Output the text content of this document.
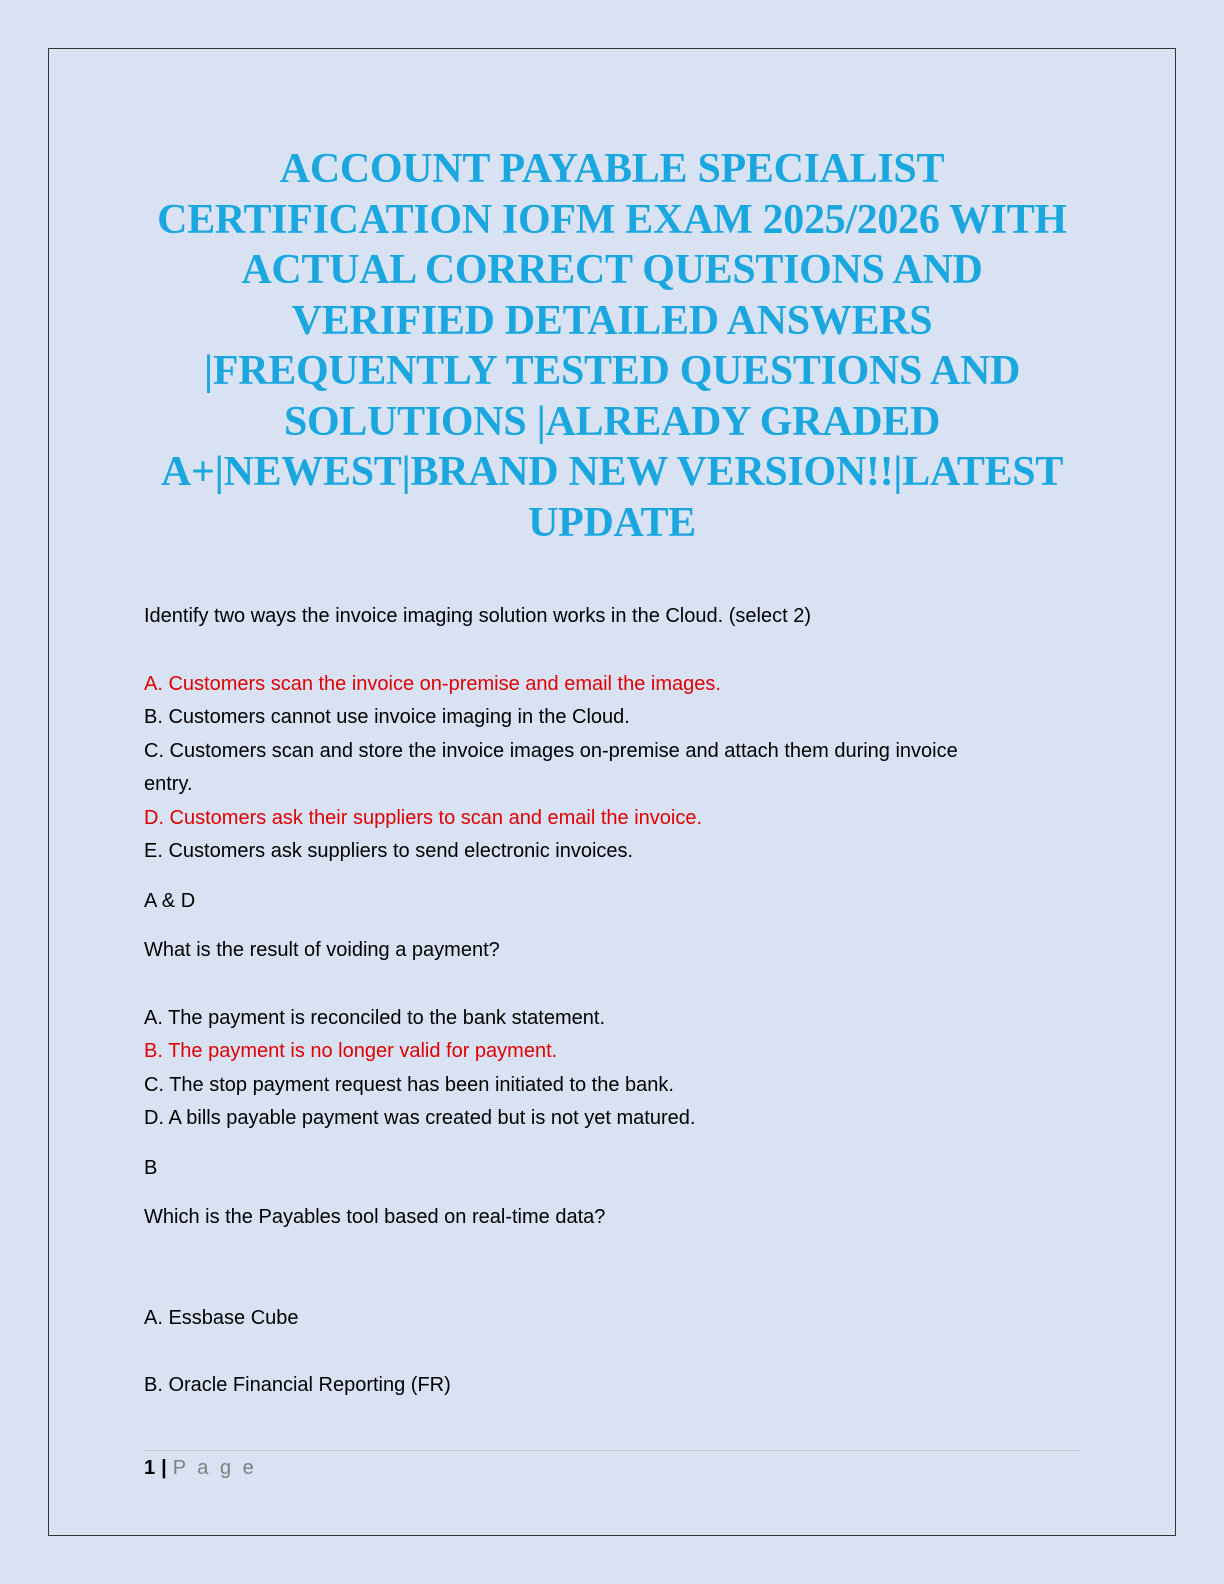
ACCOUNT PAYABLE SPECIALIST CERTIFICATION IOFM EXAM 2025/2026 WITH ACTUAL CORRECT QUESTIONS AND VERIFIED DETAILED ANSWERS |FREQUENTLY TESTED QUESTIONS AND SOLUTIONS |ALREADY GRADED A+|NEWEST|BRAND NEW VERSION!!|LATEST UPDATE

Identify two ways the invoice imaging solution works in the Cloud. (select 2)

A. Customers scan the invoice on-premise and email the images.

B. Customers cannot use invoice imaging in the Cloud.

C. Customers scan and store the invoice images on-premise and attach them during invoice

entry.

D. Customers ask their suppliers to scan and email the invoice.

E. Customers ask suppliers to send electronic invoices.

A & D

What is the result of voiding a payment?

A. The payment is reconciled to the bank statement.

B. The payment is no longer valid for payment.

C. The stop payment request has been initiated to the bank.

D. A bills payable payment was created but is not yet matured.

B

Which is the Payables tool based on real-time data?

A. Essbase Cube

B. Oracle Financial Reporting (FR)

1 | P a g e
